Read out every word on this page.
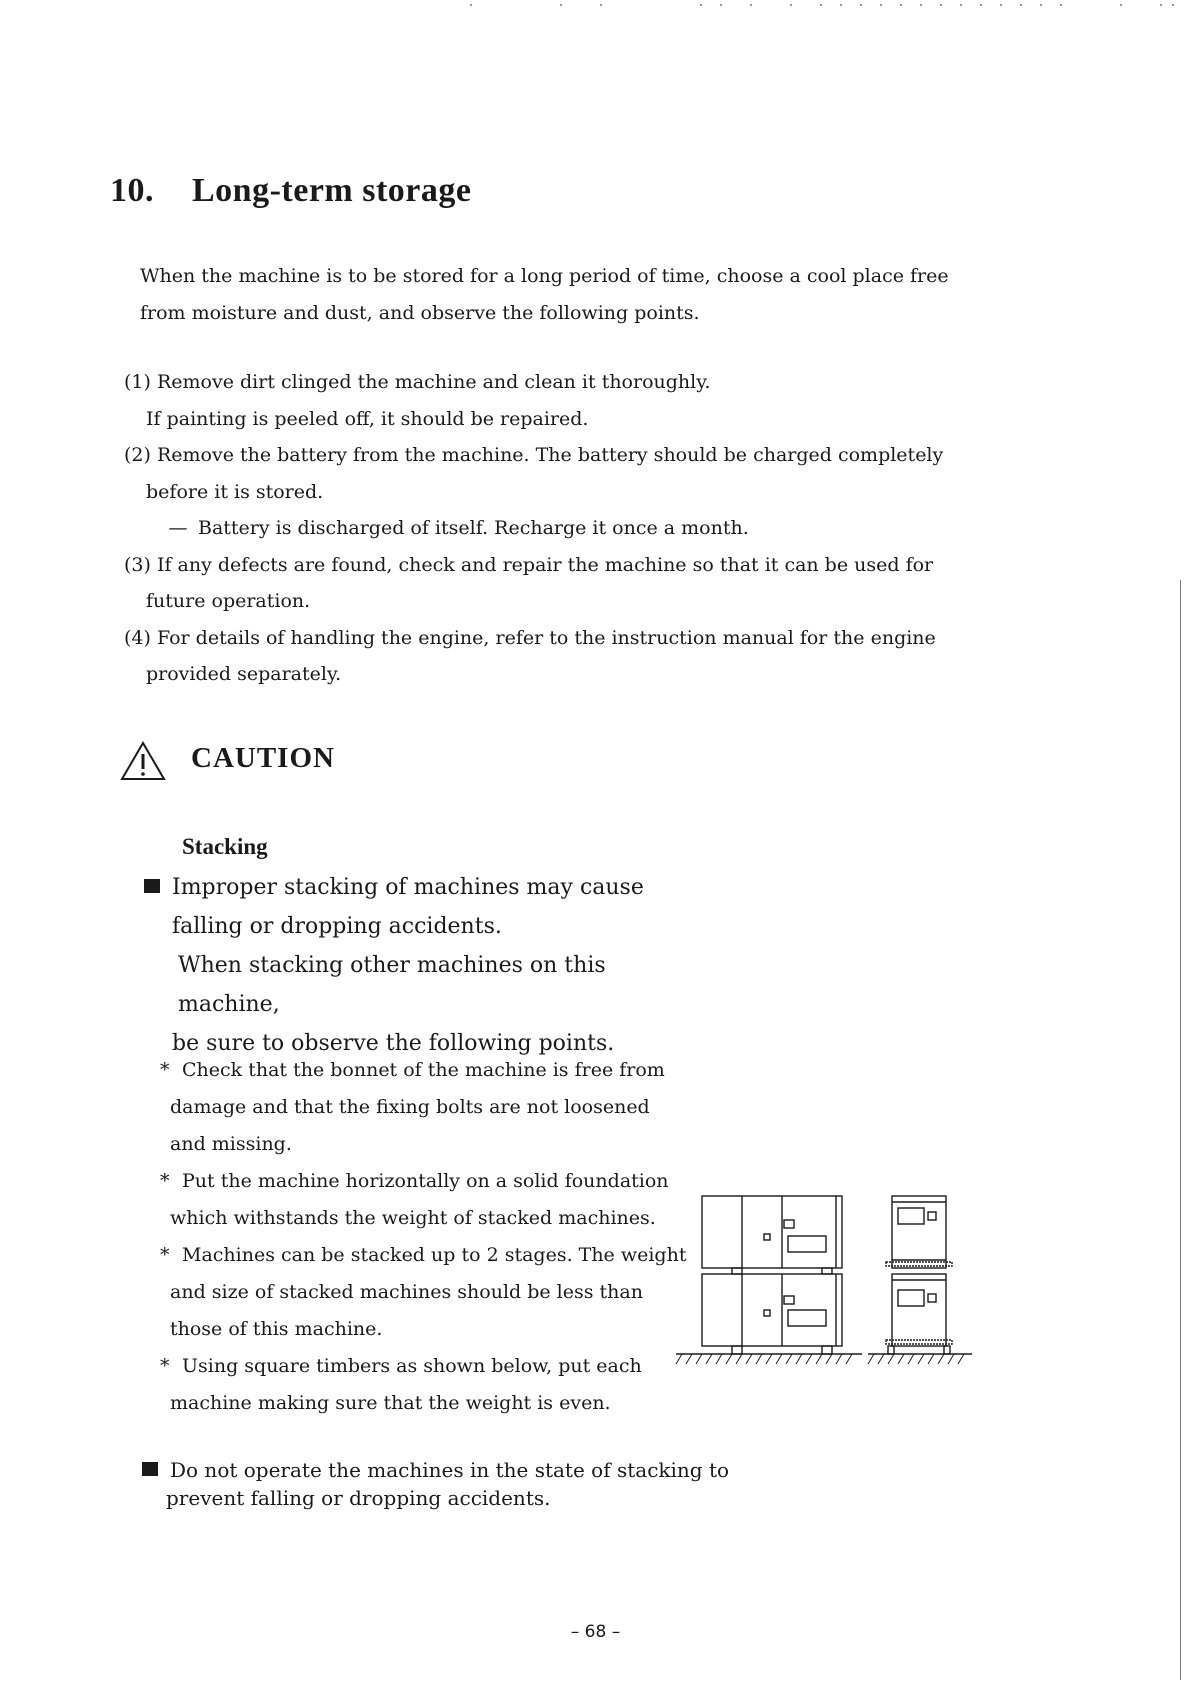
10. Long-term storage
When the machine is to be stored for a long period of time, choose a cool place free
from moisture and dust, and observe the following points.
(1) Remove dirt clinged the machine and clean it thoroughly.
If painting is peeled off, it should be repaired.
(2) Remove the battery from the machine. The battery should be charged completely
before it is stored.
— Battery is discharged of itself. Recharge it once a month.
(3) If any defects are found, check and repair the machine so that it can be used for
future operation.
(4) For details of handling the engine, refer to the instruction manual for the engine
provided separately.
CAUTION
Stacking
Improper stacking of machines may cause
falling or dropping accidents.
When stacking other machines on this machine,
be sure to observe the following points.
* Check that the bonnet of the machine is free from
damage and that the fixing bolts are not loosened
and missing.
* Put the machine horizontally on a solid foundation
which withstands the weight of stacked machines.
* Machines can be stacked up to 2 stages. The weight
and size of stacked machines should be less than
those of this machine.
* Using square timbers as shown below, put each
machine making sure that the weight is even.
Do not operate the machines in the state of stacking to
prevent falling or dropping accidents.
– 68 –
